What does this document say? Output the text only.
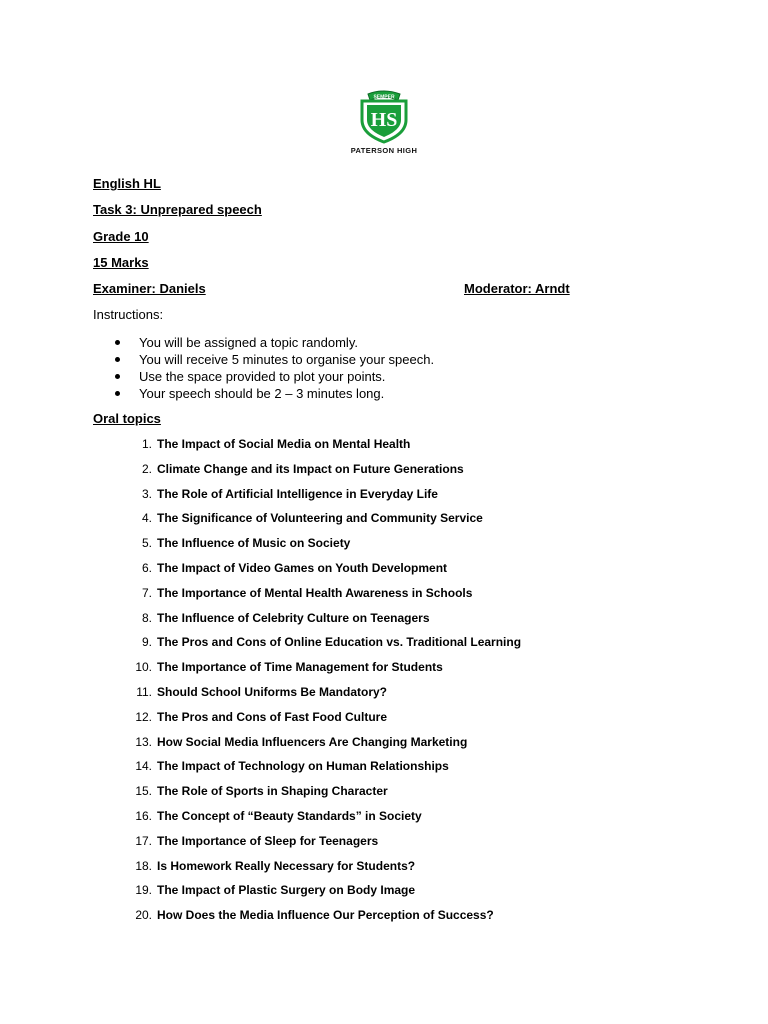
SEMPER
HS
PATERSON HIGH
English HL
Task 3: Unprepared speech
Grade 10
15 Marks
Examiner: Daniels	Moderator: Arndt
Instructions:
You will be assigned a topic randomly.
You will receive 5 minutes to organise your speech.
Use the space provided to plot your points.
Your speech should be 2 – 3 minutes long.
Oral topics
1. The Impact of Social Media on Mental Health
2. Climate Change and its Impact on Future Generations
3. The Role of Artificial Intelligence in Everyday Life
4. The Significance of Volunteering and Community Service
5. The Influence of Music on Society
6. The Impact of Video Games on Youth Development
7. The Importance of Mental Health Awareness in Schools
8. The Influence of Celebrity Culture on Teenagers
9. The Pros and Cons of Online Education vs. Traditional Learning
10. The Importance of Time Management for Students
11. Should School Uniforms Be Mandatory?
12. The Pros and Cons of Fast Food Culture
13. How Social Media Influencers Are Changing Marketing
14. The Impact of Technology on Human Relationships
15. The Role of Sports in Shaping Character
16. The Concept of “Beauty Standards” in Society
17. The Importance of Sleep for Teenagers
18. Is Homework Really Necessary for Students?
19. The Impact of Plastic Surgery on Body Image
20. How Does the Media Influence Our Perception of Success?
